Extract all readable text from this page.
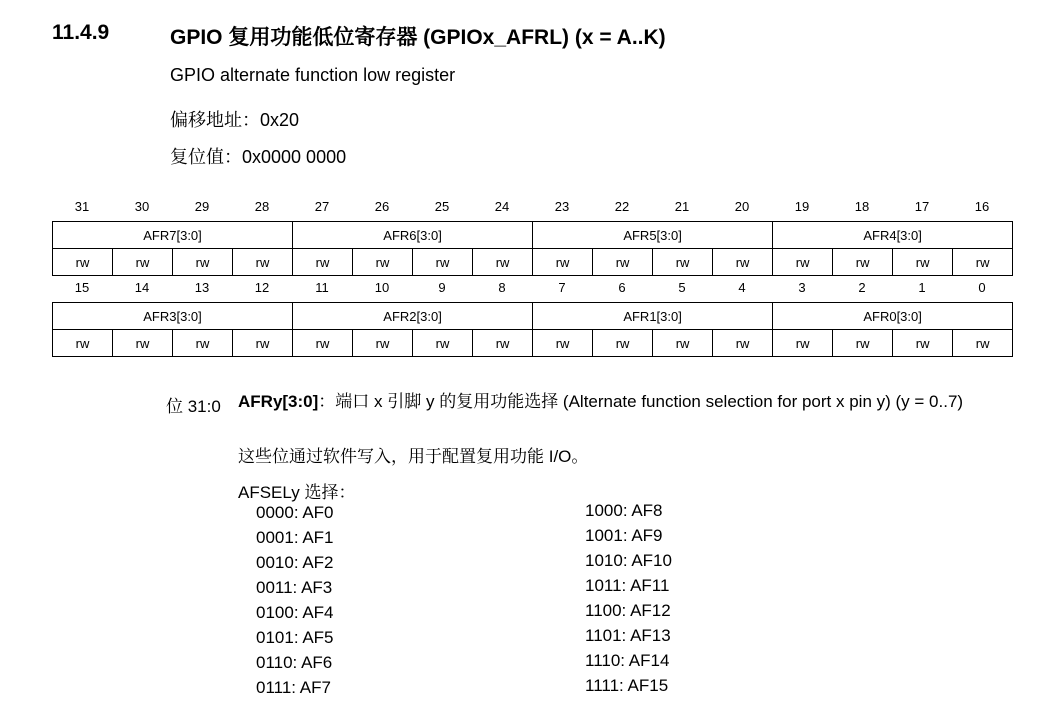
11.4.9	GPIO 复用功能低位寄存器 (GPIOx_AFRL) (x = A..K)
GPIO alternate function low register
偏移地址：0x20
复位值：0x0000 0000
31	30	29	28	27	26	25	24	23	22	21	20	19	18	17	16
AFR7[3:0]				AFR6[3:0]				AFR5[3:0]				AFR4[3:0]			
rw	rw	rw	rw	rw	rw	rw	rw	rw	rw	rw	rw	rw	rw	rw	rw
15	14	13	12	11	10	9	8	7	6	5	4	3	2	1	0
AFR3[3:0]				AFR2[3:0]				AFR1[3:0]				AFR0[3:0]			
rw	rw	rw	rw	rw	rw	rw	rw	rw	rw	rw	rw	rw	rw	rw	rw
位 31:0 AFRy[3:0]：端口 x 引脚 y 的复用功能选择 (Alternate function selection for port x pin y) (y = 0..7)
这些位通过软件写入，用于配置复用功能 I/O。
AFSELy 选择：
0000: AF0
0001: AF1
0010: AF2
0011: AF3
0100: AF4
0101: AF5
0110: AF6
0111: AF7
1000: AF8
1001: AF9
1010: AF10
1011: AF11
1100: AF12
1101: AF13
1110: AF14
1111: AF15
